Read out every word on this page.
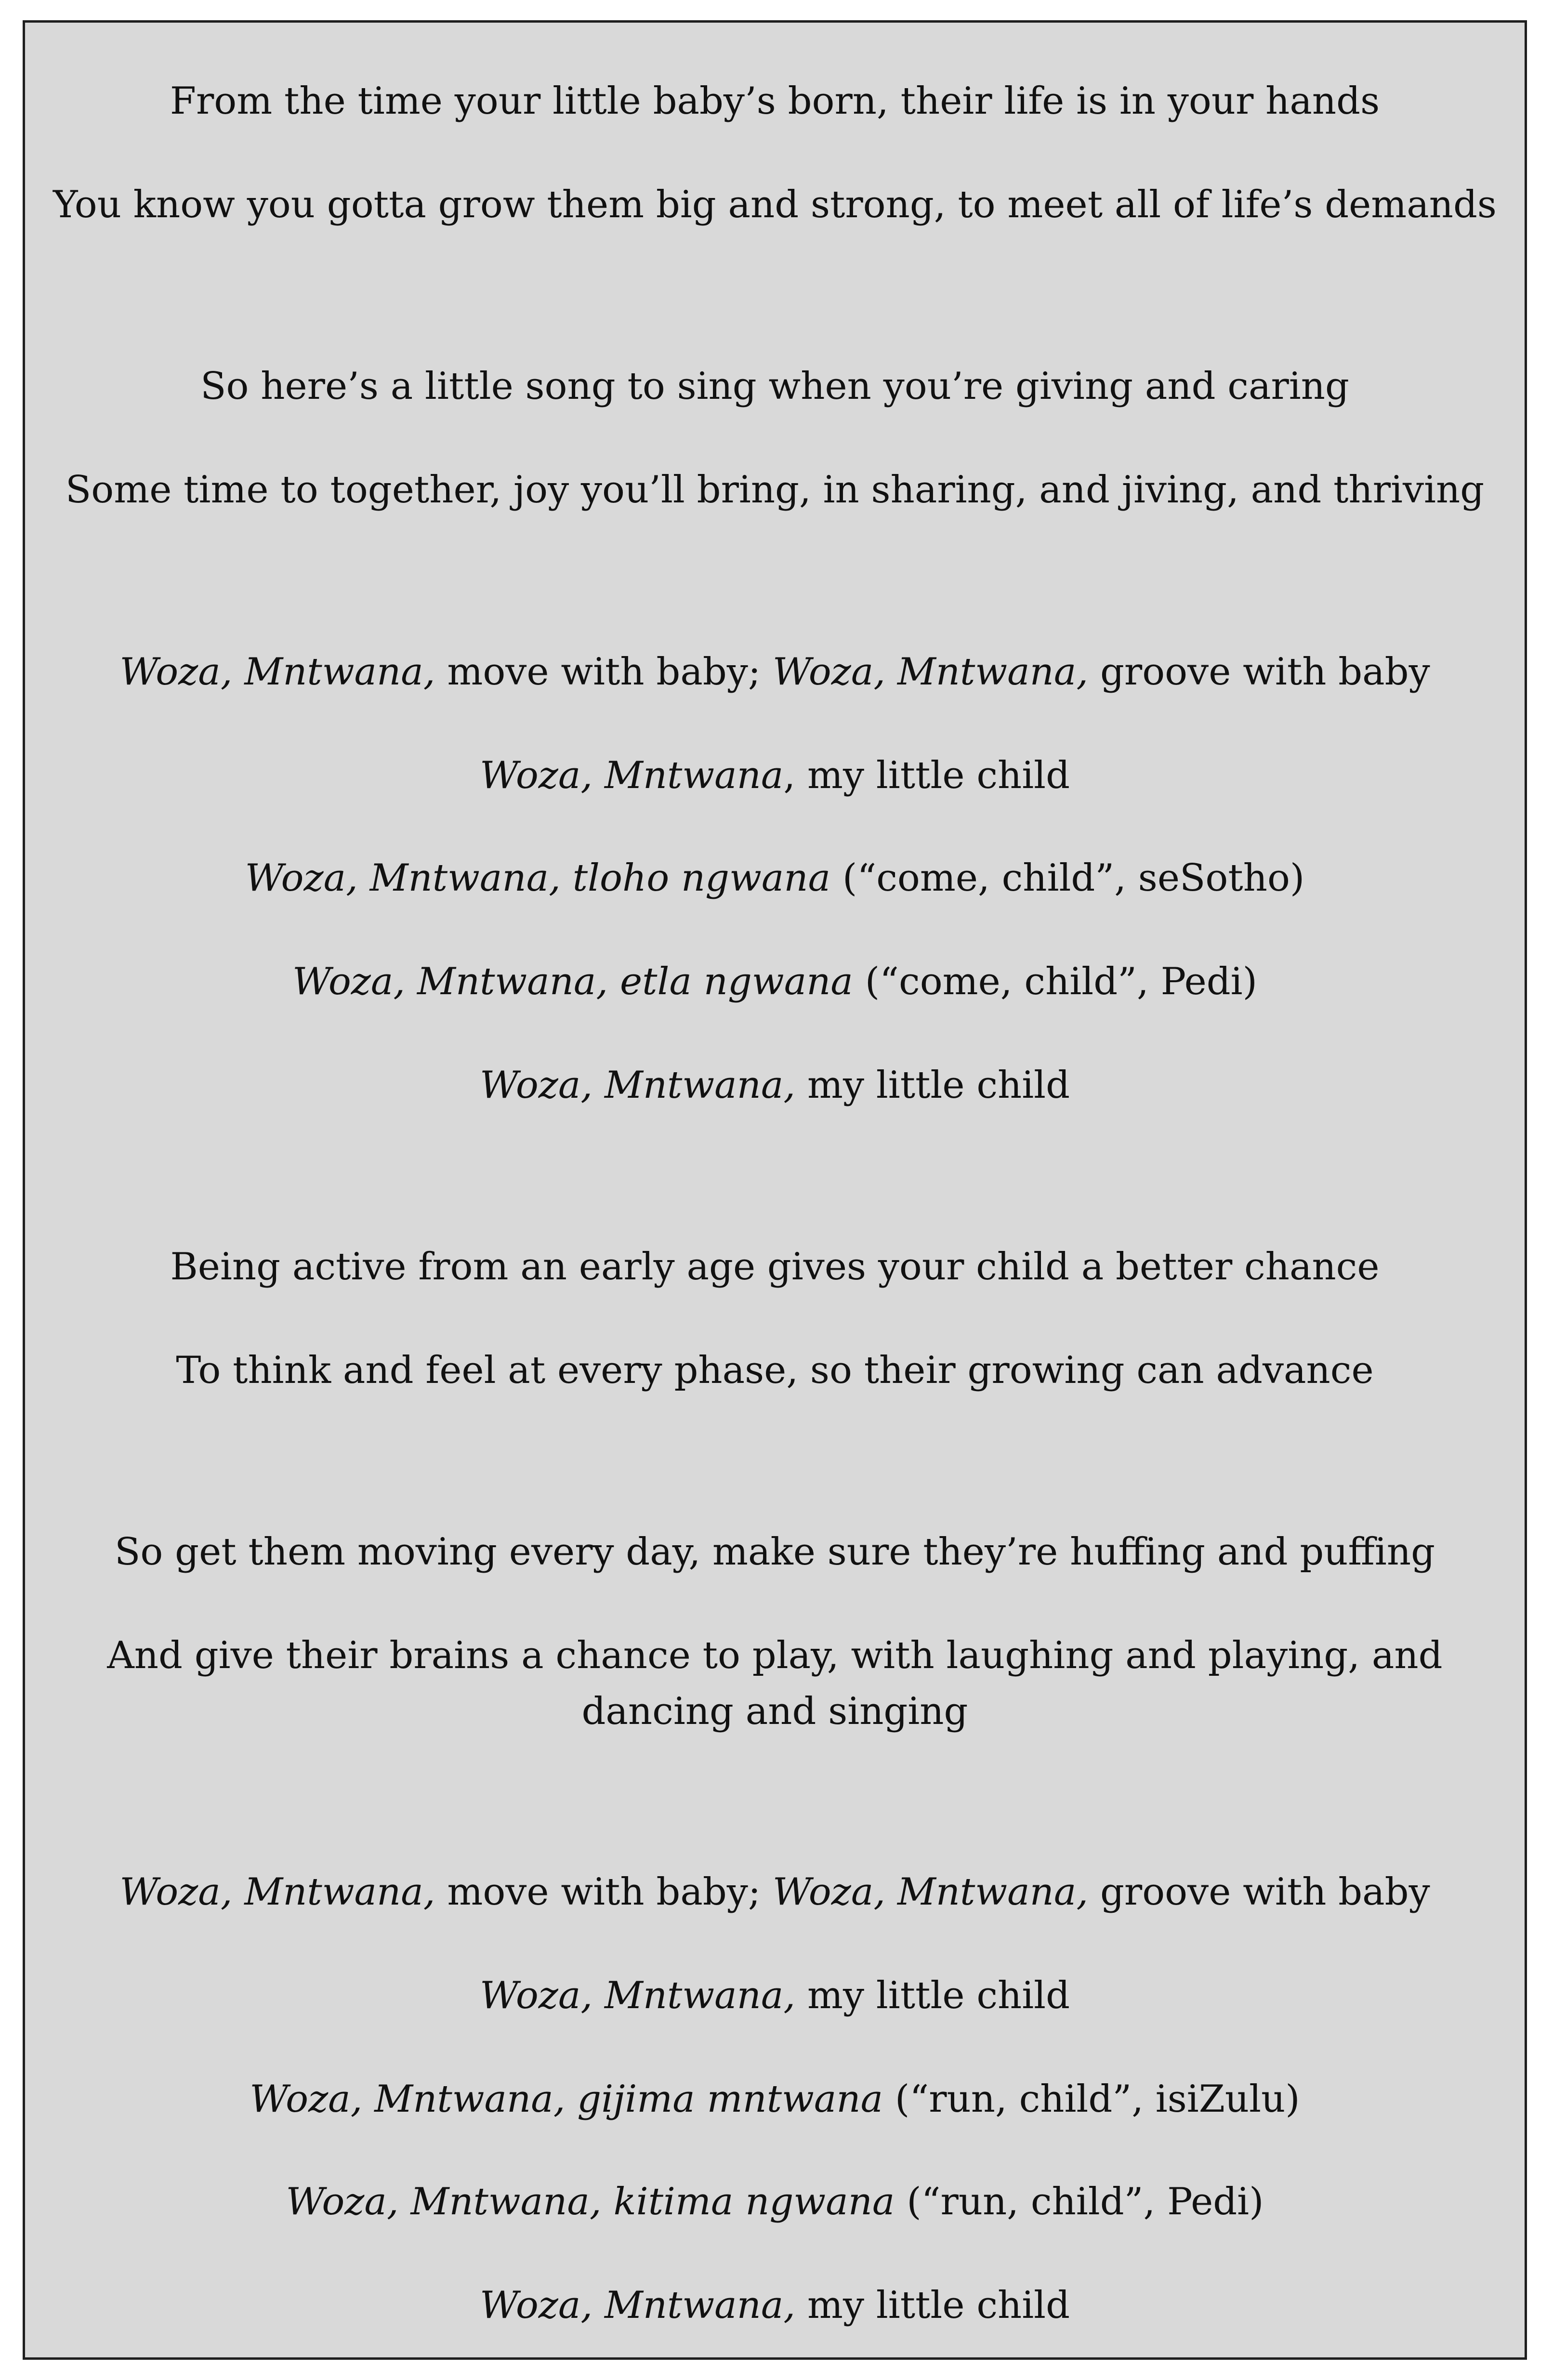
From the time your little baby’s born, their life is in your hands
You know you gotta grow them big and strong, to meet all of life’s demands
So here’s a little song to sing when you’re giving and caring
Some time to together, joy you’ll bring, in sharing, and jiving, and thriving
Woza, Mntwana, move with baby; Woza, Mntwana, groove with baby
Woza, Mntwana, my little child
Woza, Mntwana, tloho ngwana (“come, child”, seSotho)
Woza, Mntwana, etla ngwana (“come, child”, Pedi)
Woza, Mntwana, my little child
Being active from an early age gives your child a better chance
To think and feel at every phase, so their growing can advance
So get them moving every day, make sure they’re huffing and puffing
And give their brains a chance to play, with laughing and playing, and dancing and singing
Woza, Mntwana, move with baby; Woza, Mntwana, groove with baby
Woza, Mntwana, my little child
Woza, Mntwana, gijima mntwana (“run, child”, isiZulu)
Woza, Mntwana, kitima ngwana (“run, child”, Pedi)
Woza, Mntwana, my little child
